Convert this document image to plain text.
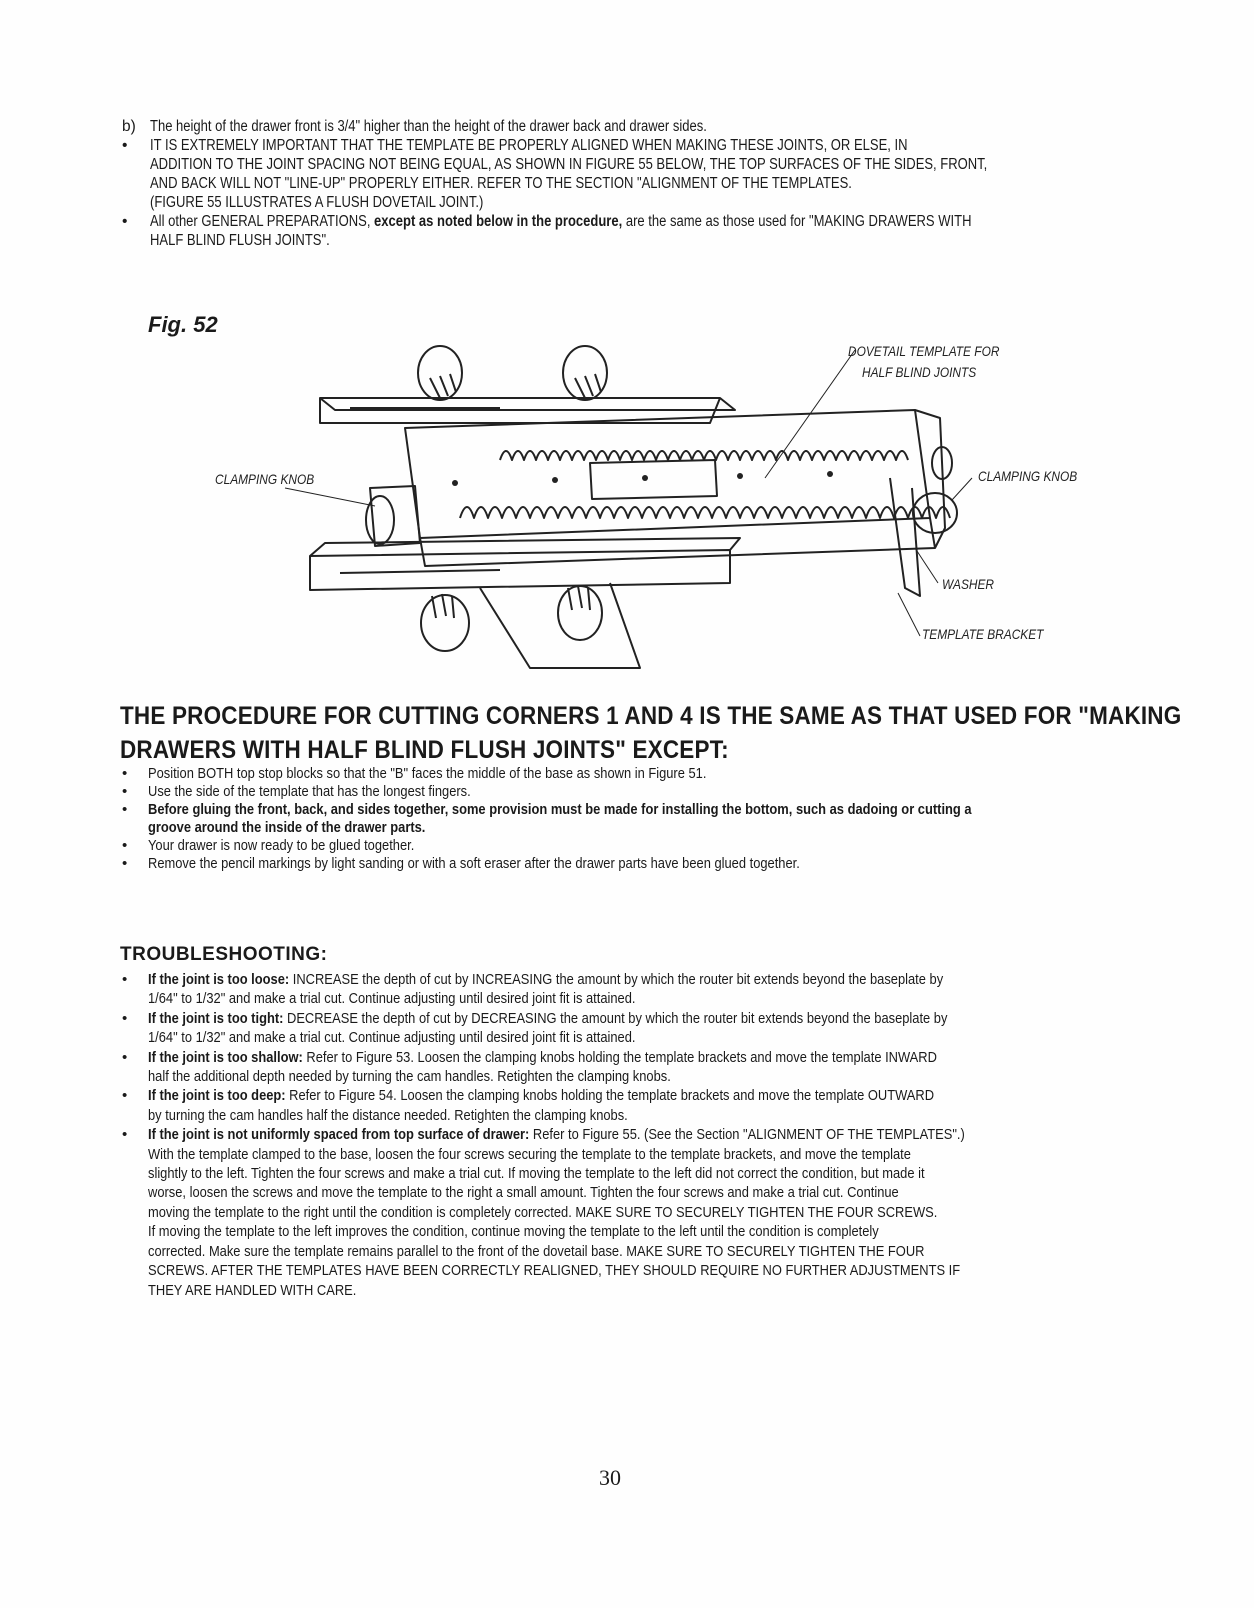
b) The height of the drawer front is 3/4" higher than the height of the drawer back and drawer sides.
• IT IS EXTREMELY IMPORTANT THAT THE TEMPLATE BE PROPERLY ALIGNED WHEN MAKING THESE JOINTS, OR ELSE, IN
ADDITION TO THE JOINT SPACING NOT BEING EQUAL, AS SHOWN IN FIGURE 55 BELOW, THE TOP SURFACES OF THE SIDES, FRONT,
AND BACK WILL NOT "LINE-UP" PROPERLY EITHER. REFER TO THE SECTION "ALIGNMENT OF THE TEMPLATES.
(FIGURE 55 ILLUSTRATES A FLUSH DOVETAIL JOINT.)
• All other GENERAL PREPARATIONS, except as noted below in the procedure, are the same as those used for "MAKING DRAWERS WITH
HALF BLIND FLUSH JOINTS".
Fig. 52
DOVETAIL TEMPLATE FOR
HALF BLIND JOINTS
CLAMPING KNOB	CLAMPING KNOB
WASHER
TEMPLATE BRACKET
THE PROCEDURE FOR CUTTING CORNERS 1 AND 4 IS THE SAME AS THAT USED FOR "MAKING
DRAWERS WITH HALF BLIND FLUSH JOINTS" EXCEPT:
• Position BOTH top stop blocks so that the "B" faces the middle of the base as shown in Figure 51.
• Use the side of the template that has the longest fingers.
• Before gluing the front, back, and sides together, some provision must be made for installing the bottom, such as dadoing or cutting a
groove around the inside of the drawer parts.
• Your drawer is now ready to be glued together.
• Remove the pencil markings by light sanding or with a soft eraser after the drawer parts have been glued together.
TROUBLESHOOTING:
• If the joint is too loose: INCREASE the depth of cut by INCREASING the amount by which the router bit extends beyond the baseplate by
1/64" to 1/32" and make a trial cut. Continue adjusting until desired joint fit is attained.
• If the joint is too tight: DECREASE the depth of cut by DECREASING the amount by which the router bit extends beyond the baseplate by
1/64" to 1/32" and make a trial cut. Continue adjusting until desired joint fit is attained.
• If the joint is too shallow: Refer to Figure 53. Loosen the clamping knobs holding the template brackets and move the template INWARD
half the additional depth needed by turning the cam handles. Retighten the clamping knobs.
• If the joint is too deep: Refer to Figure 54. Loosen the clamping knobs holding the template brackets and move the template OUTWARD
by turning the cam handles half the distance needed. Retighten the clamping knobs.
• If the joint is not uniformly spaced from top surface of drawer: Refer to Figure 55. (See the Section "ALIGNMENT OF THE TEMPLATES".)
With the template clamped to the base, loosen the four screws securing the template to the template brackets, and move the template
slightly to the left. Tighten the four screws and make a trial cut. If moving the template to the left did not correct the condition, but made it
worse, loosen the screws and move the template to the right a small amount. Tighten the four screws and make a trial cut. Continue
moving the template to the right until the condition is completely corrected. MAKE SURE TO SECURELY TIGHTEN THE FOUR SCREWS.
If moving the template to the left improves the condition, continue moving the template to the left until the condition is completely
corrected. Make sure the template remains parallel to the front of the dovetail base. MAKE SURE TO SECURELY TIGHTEN THE FOUR
SCREWS. AFTER THE TEMPLATES HAVE BEEN CORRECTLY REALIGNED, THEY SHOULD REQUIRE NO FURTHER ADJUSTMENTS IF
THEY ARE HANDLED WITH CARE.
30
